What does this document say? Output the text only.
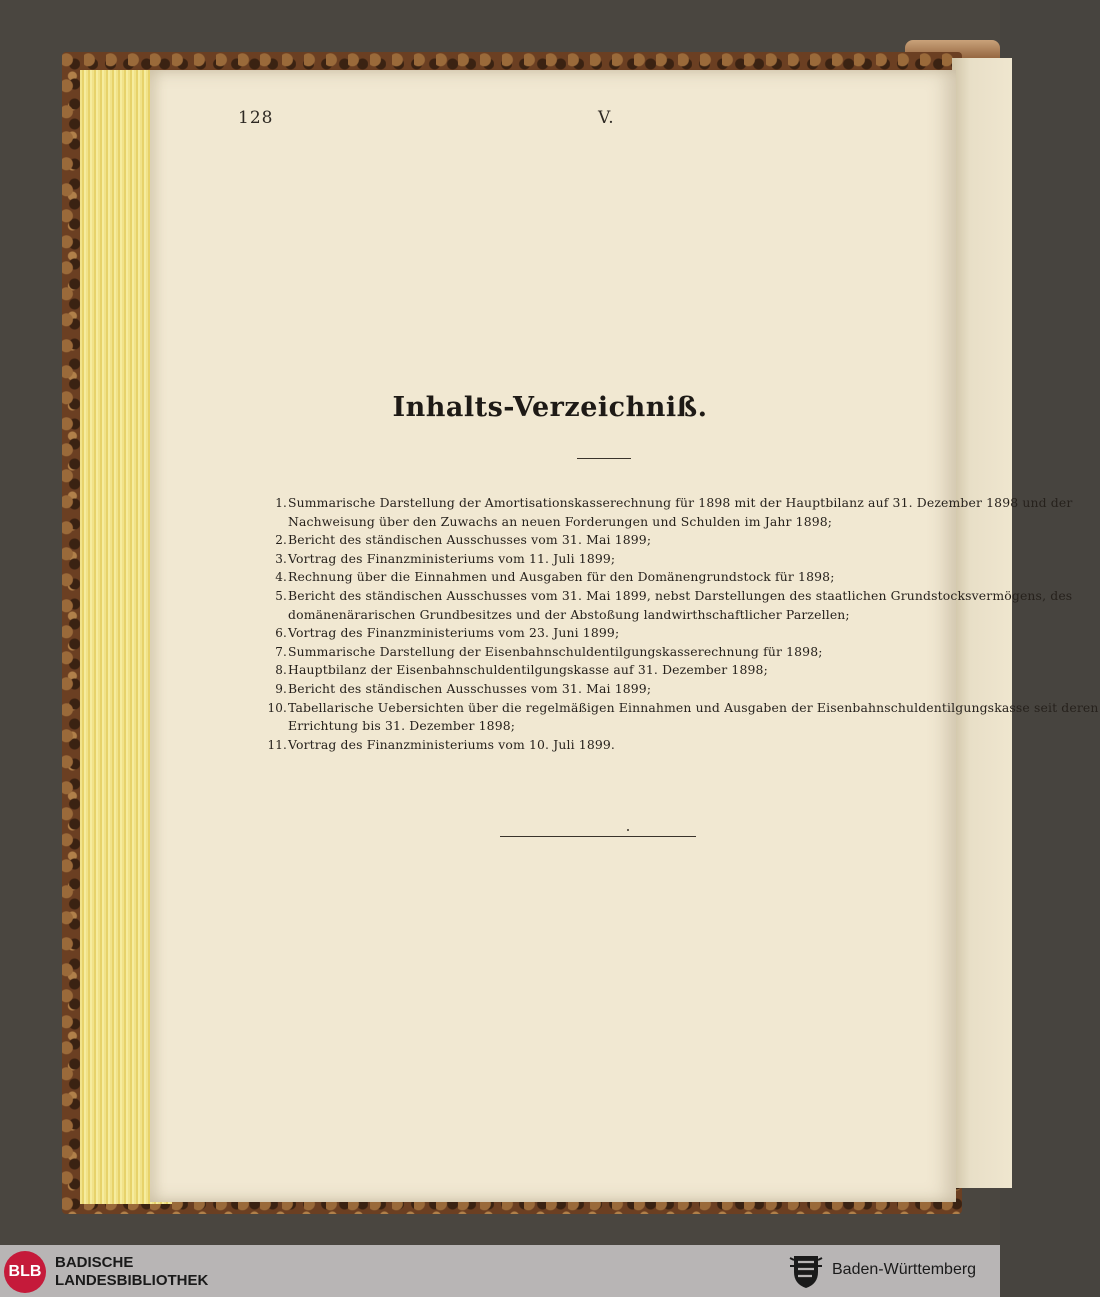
128	V.
Inhalts-Verzeichniß.
1. Summarische Darstellung der Amortisationskasserechnung für 1898 mit der Hauptbilanz auf 31. Dezember 1898 und der
Nachweisung über den Zuwachs an neuen Forderungen und Schulden im Jahr 1898;
2. Bericht des ständischen Ausschusses vom 31. Mai 1899;
3. Vortrag des Finanzministeriums vom 11. Juli 1899;
4. Rechnung über die Einnahmen und Ausgaben für den Domänengrundstock für 1898;
5. Bericht des ständischen Ausschusses vom 31. Mai 1899, nebst Darstellungen des staatlichen Grundstocksvermögens, des
domänenärarischen Grundbesitzes und der Abstoßung landwirthschaftlicher Parzellen;
6. Vortrag des Finanzministeriums vom 23. Juni 1899;
7. Summarische Darstellung der Eisenbahnschuldentilgungskasserechnung für 1898;
8. Hauptbilanz der Eisenbahnschuldentilgungskasse auf 31. Dezember 1898;
9. Bericht des ständischen Ausschusses vom 31. Mai 1899;
10. Tabellarische Uebersichten über die regelmäßigen Einnahmen und Ausgaben der Eisenbahnschuldentilgungskasse seit deren
Errichtung bis 31. Dezember 1898;
11. Vortrag des Finanzministeriums vom 10. Juli 1899.
BLB
BADISCHE
LANDESBIBLIOTHEK
Baden-Württemberg
